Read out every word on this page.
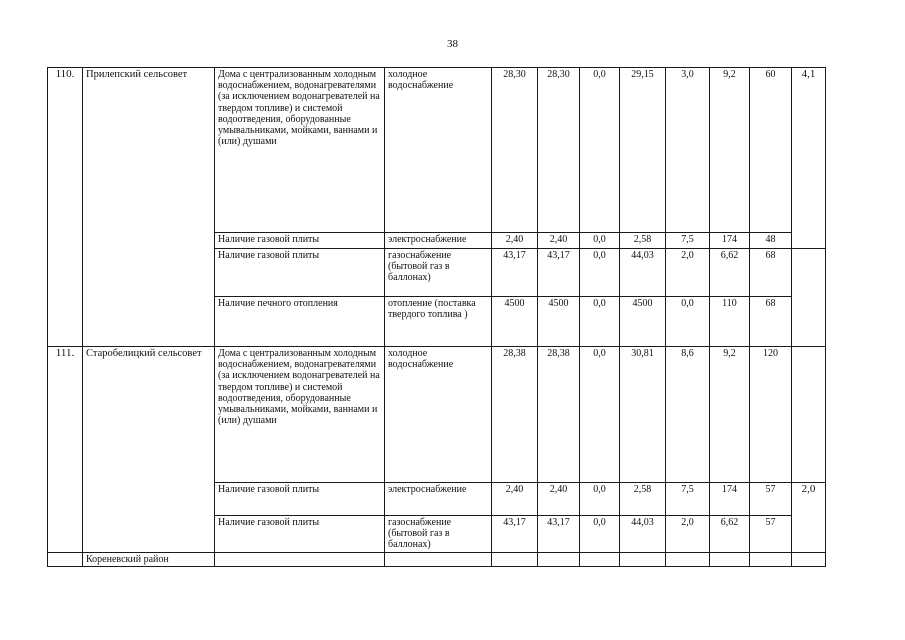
38
110.	Прилепский сельсовет	Дома с централизованным холодным водоснабжением, водонагревателями (за исключением водонагревателей на твердом топливе) и системой водоотведения, оборудованные умывальниками, мойками, ваннами и (или) душами	холодное водоснабжение	28,30	28,30	0,0	29,15	3,0	9,2	60	4,1
		Наличие газовой плиты	электроснабжение	2,40	2,40	0,0	2,58	7,5	174	48	
		Наличие газовой плиты	газоснабжение (бытовой газ в баллонах)	43,17	43,17	0,0	44,03	2,0	6,62	68	
		Наличие печного отопления	отопление (поставка твердого топлива )	4500	4500	0,0	4500	0,0	110	68	
111.	Старобелицкий сельсовет	Дома с централизованным холодным водоснабжением, водонагревателями (за исключением водонагревателей на твердом топливе) и системой водоотведения, оборудованные умывальниками, мойками, ваннами и (или) душами	холодное водоснабжение	28,38	28,38	0,0	30,81	8,6	9,2	120	
		Наличие газовой плиты	электроснабжение	2,40	2,40	0,0	2,58	7,5	174	57	2,0
		Наличие газовой плиты	газоснабжение (бытовой газ в баллонах)	43,17	43,17	0,0	44,03	2,0	6,62	57	
	Кореневский район										
